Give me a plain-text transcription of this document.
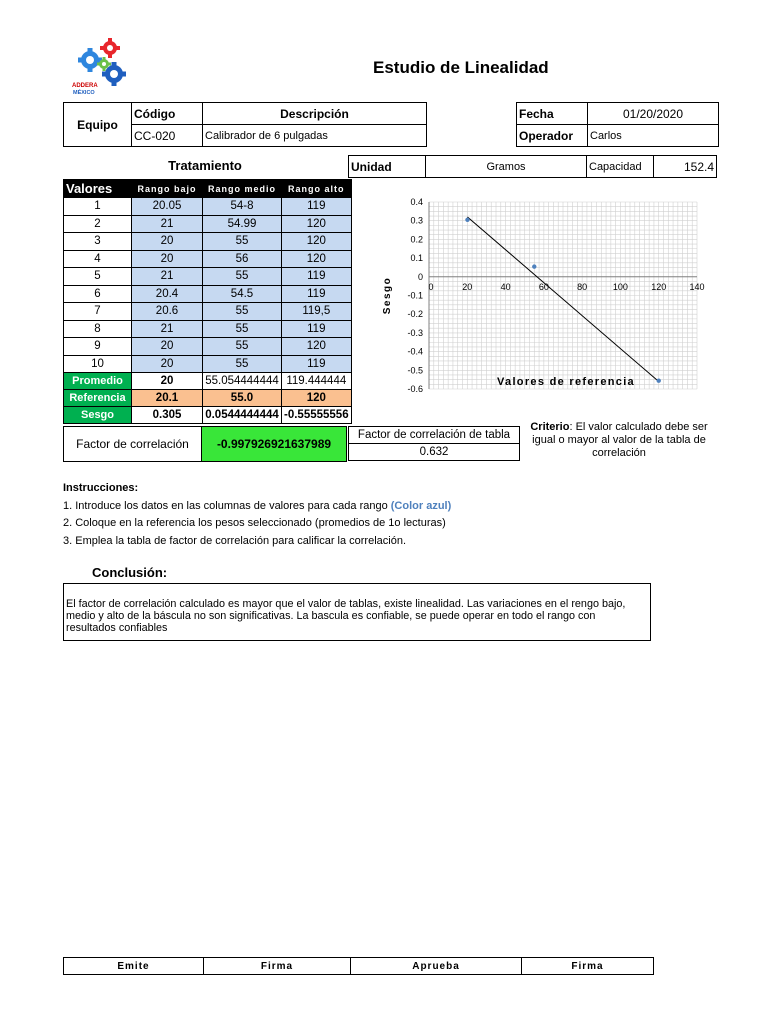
ADDERA
MÉXICO
Estudio de Linealidad
Equipo	Código	Descripción
	CC-020	Calibrador de 6 pulgadas
Fecha	01/20/2020
Operador	Carlos
Tratamiento	Unidad	Gramos	Capacidad	152.4
Valores	Rango bajo	Rango medio	Rango alto
1	20.05	54-8	119
2	21	54.99	120
3	20	55	120
4	20	56	120
5	21	55	119
6	20.4	54.5	119
7	20.6	55	119,5
8	21	55	119
9	20	55	120
10	20	55	119
Promedio	20	55.054444444	119.444444
Referencia	20.1	55.0	120
Sesgo	0.305	0.0544444444	-0.55555556
Factor de correlación	-0.997926921637989
Factor de correlación de tabla
0.632
Criterio: El valor calculado debe ser igual o mayor al valor de la tabla de correlación
0.4
0.3
0.2
0.1
0
-0.1
-0.2
-0.3
-0.4
-0.5
-0.6
0	20	40	60	80	100	120	140
Sesgo
Instrucciones:
1. Introduce los datos en las columnas de valores para cada rango (Color azul)
2. Coloque en la referencia los pesos seleccionado (promedios de 1o lecturas)
3. Emplea la tabla de factor de correlación para calificar la correlación.
Conclusión:
El factor de correlación calculado es mayor que el valor de tablas, existe linealidad. Las variaciones en el rengo bajo, medio y alto de la báscula no son significativas. La bascula es confiable, se puede operar en todo el rango con resultados confiables
Emite	Firma	Aprueba	Firma
Valores de referencia
